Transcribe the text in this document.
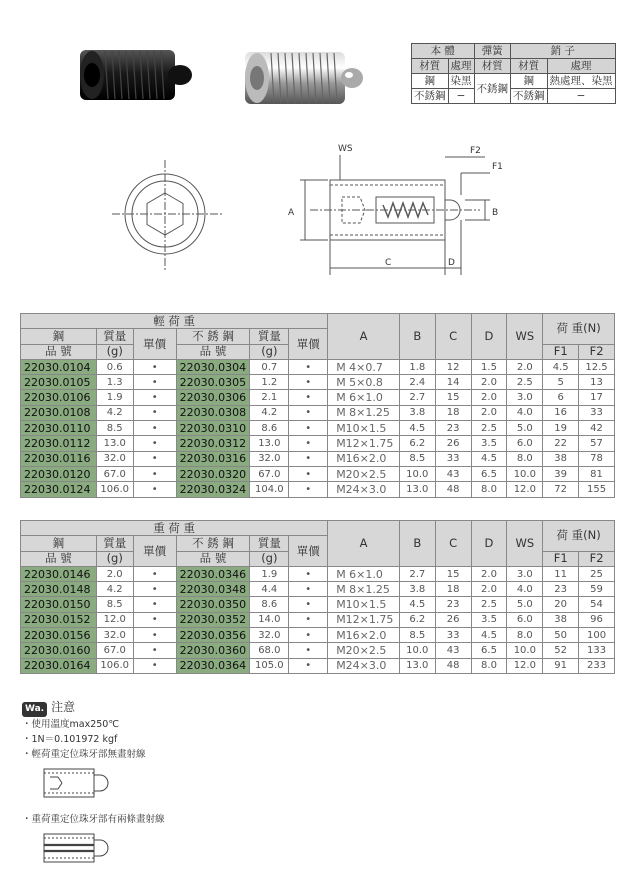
本 體		彈簧	銷 子	
材質	處理	材質	材質	處理
鋼	染黑	不銹鋼	鋼	熱處理、染黑
不銹鋼	−		不銹鋼	−
WS	F2
F1
A	B
C	D
輕 荷 重						A	B	C	D	WS	荷 重(N)	
鋼	質量	單價	不 銹 鋼	質量	單價							
品 號	(g)		品 號	(g)							F1	F2
22030.0104	0.6	•	22030.0304	0.7	•	M 4×0.7	1.8	12	1.5	2.0	4.5	12.5
22030.0105	1.3	•	22030.0305	1.2	•	M 5×0.8	2.4	14	2.0	2.5	5	13
22030.0106	1.9	•	22030.0306	2.1	•	M 6×1.0	2.7	15	2.0	3.0	6	17
22030.0108	4.2	•	22030.0308	4.2	•	M 8×1.25	3.8	18	2.0	4.0	16	33
22030.0110	8.5	•	22030.0310	8.6	•	M10×1.5	4.5	23	2.5	5.0	19	42
22030.0112	13.0	•	22030.0312	13.0	•	M12×1.75	6.2	26	3.5	6.0	22	57
22030.0116	32.0	•	22030.0316	32.0	•	M16×2.0	8.5	33	4.5	8.0	38	78
22030.0120	67.0	•	22030.0320	67.0	•	M20×2.5	10.0	43	6.5	10.0	39	81
22030.0124	106.0	•	22030.0324	104.0	•	M24×3.0	13.0	48	8.0	12.0	72	155
重 荷 重						A	B	C	D	WS	荷 重(N)	
鋼	質量	單價	不 銹 鋼	質量	單價							
品 號	(g)		品 號	(g)							F1	F2
22030.0146	2.0	•	22030.0346	1.9	•	M 6×1.0	2.7	15	2.0	3.0	11	25
22030.0148	4.2	•	22030.0348	4.4	•	M 8×1.25	3.8	18	2.0	4.0	23	59
22030.0150	8.5	•	22030.0350	8.6	•	M10×1.5	4.5	23	2.5	5.0	20	54
22030.0152	12.0	•	22030.0352	14.0	•	M12×1.75	6.2	26	3.5	6.0	38	96
22030.0156	32.0	•	22030.0356	32.0	•	M16×2.0	8.5	33	4.5	8.0	50	100
22030.0160	67.0	•	22030.0360	68.0	•	M20×2.5	10.0	43	6.5	10.0	52	133
22030.0164	106.0	•	22030.0364	105.0	•	M24×3.0	13.0	48	8.0	12.0	91	233
Wa. 注意
・使用溫度max250℃
・1N＝0.101972 kgf
・輕荷重定位珠牙部無畫射線
・重荷重定位珠牙部有兩條畫射線
